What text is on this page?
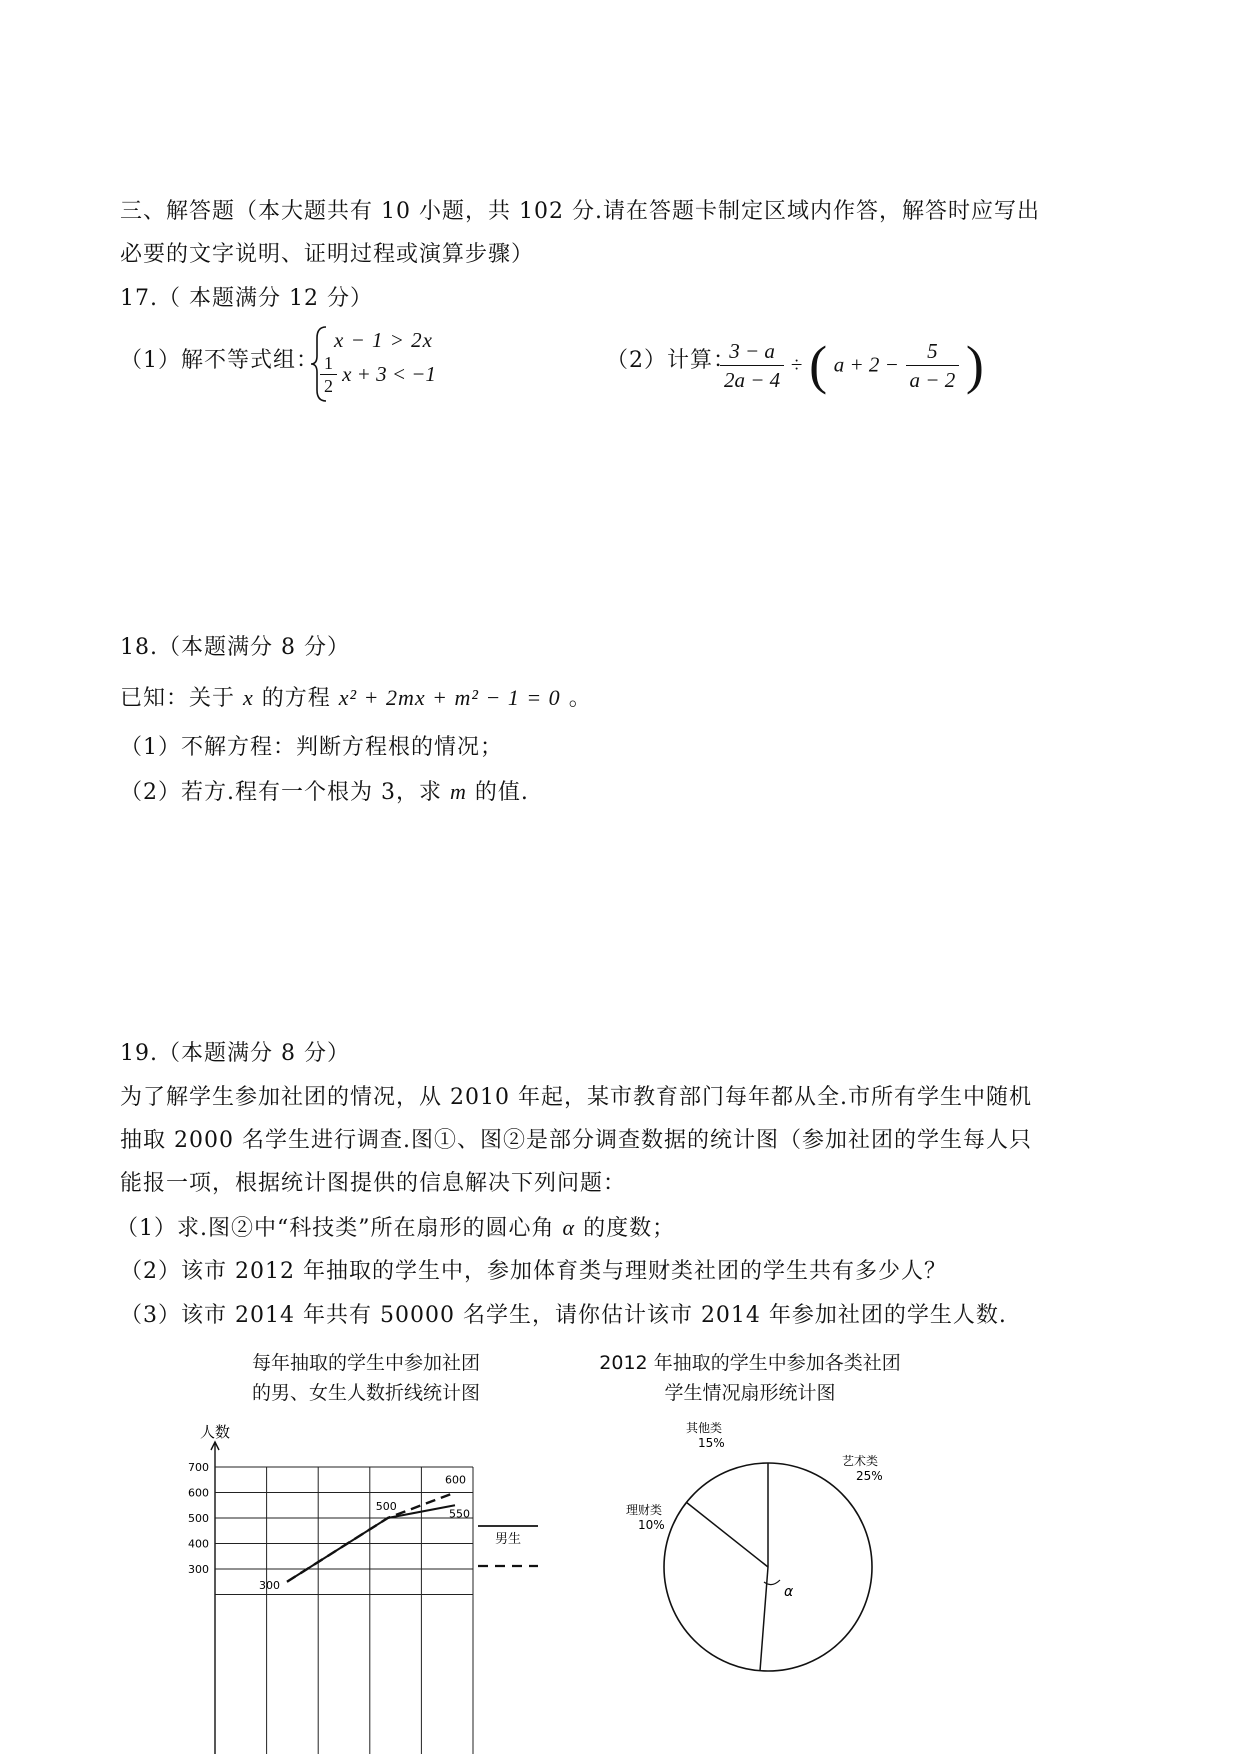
三、解答题（本大题共有 10 小题，共 102 分.请在答题卡制定区域内作答，解答时应写出
必要的文字说明、证明过程或演算步骤）
17.（ 本题满分 12 分）
（1）解不等式组：
x − 1 > 2x
$\frac{1}{2}$ x + 3 < −1
（2）计算：
$\frac{3 - a}{2a - 4}$ ÷ ( $a + 2 - \frac{5}{a - 2}$ )
18.（本题满分 8 分）
已知：关于 x 的方程 x² + 2mx + m² − 1 = 0 。
（1）不解方程：判断方程根的情况；
（2）若方.程有一个根为 3，求 m 的值.
19.（本题满分 8 分）
为了解学生参加社团的情况，从 2010 年起，某市教育部门每年都从全.市所有学生中随机
抽取 2000 名学生进行调查.图①、图②是部分调查数据的统计图（参加社团的学生每人只
能报一项，根据统计图提供的信息解决下列问题：
（1）求.图②中“科技类”所在扇形的圆心角 α 的度数；
（2）该市 2012 年抽取的学生中，参加体育类与理财类社团的学生共有多少人？
（3）该市 2014 年共有 50000 名学生，请你估计该市 2014 年参加社团的学生人数.
每年抽取的学生中参加社团
的男、女生人数折线统计图
人数
700
600
500
400
300
600
500
550
300
男生
2012 年抽取的学生中参加各类社团
学生情况扇形统计图
α
其他类
15%
艺术类
25%
理财类
10%
